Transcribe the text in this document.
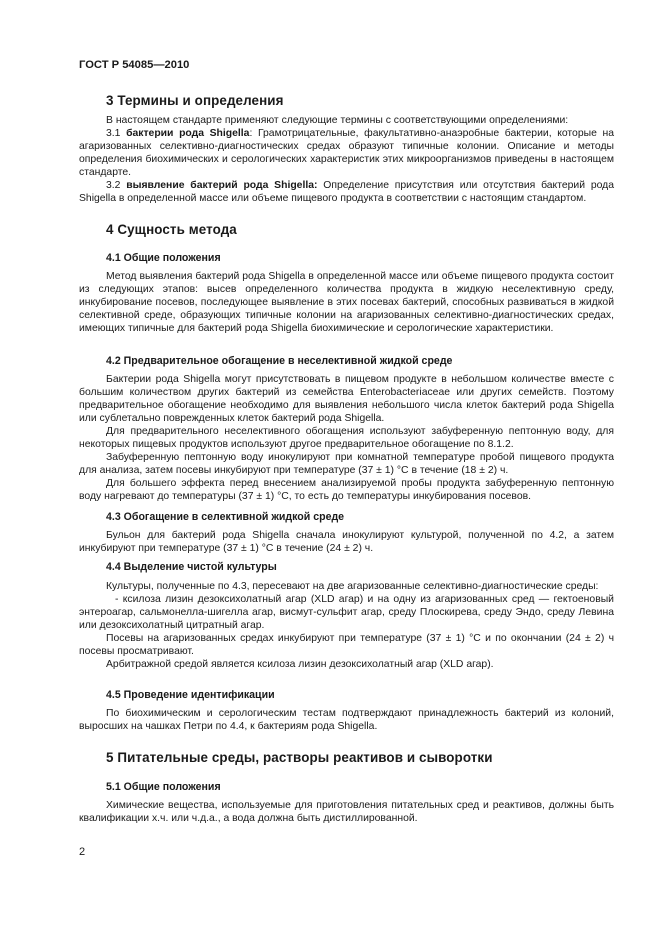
ГОСТ Р 54085—2010
3 Термины и определения

В настоящем стандарте применяют следующие термины с соответствующими определениями:

3.1 бактерии рода Shigella: Грамотрицательные, факультативно-анаэробные бактерии, которые на агаризованных селективно-диагностических средах образуют типичные колонии. Описание и методы определения биохимических и серологических характеристик этих микроорганизмов приведены в настоящем стандарте.

3.2 выявление бактерий рода Shigella: Определение присутствия или отсутствия бактерий рода Shigella в определенной массе или объеме пищевого продукта в соответствии с настоящим стандартом.

4 Сущность метода
4.1 Общие положения

Метод выявления бактерий рода Shigella в определенной массе или объеме пищевого продукта состоит из следующих этапов: высев определенного количества продукта в жидкую неселективную среду, инкубирование посевов, последующее выявление в этих посевах бактерий, способных развиваться в жидкой селективной среде, образующих типичные колонии на агаризованных селективно-диагностических средах, имеющих типичные для бактерий рода Shigella биохимические и серологические характеристики.

4.2 Предварительное обогащение в неселективной жидкой среде

Бактерии рода Shigella могут присутствовать в пищевом продукте в небольшом количестве вместе с большим количеством других бактерий из семейства Enterobacteriaceae или других семейств. Поэтому предварительное обогащение необходимо для выявления небольшого числа клеток бактерий рода Shigella или сублетально поврежденных клеток бактерий рода Shigella.

Для предварительного неселективного обогащения используют забуференную пептонную воду, для некоторых пищевых продуктов используют другое предварительное обогащение по 8.1.2.

Забуференную пептонную воду инокулируют при комнатной температуре пробой пищевого продукта для анализа, затем посевы инкубируют при температуре (37 ± 1) °С в течение (18 ± 2) ч.

Для большего эффекта перед внесением анализируемой пробы продукта забуференную пептонную воду нагревают до температуры (37 ± 1) °С, то есть до температуры инкубирования посевов.

4.3 Обогащение в селективной жидкой среде

Бульон для бактерий рода Shigella сначала инокулируют культурой, полученной по 4.2, а затем инкубируют при температуре (37 ± 1) °С в течение (24 ± 2) ч.

4.4 Выделение чистой культуры

Культуры, полученные по 4.3, пересевают на две агаризованные селективно-диагностические среды:

- ксилоза лизин дезоксихолатный агар (XLD агар) и на одну из агаризованных сред — гектоеновый энтероагар, сальмонелла-шигелла агар, висмут-сульфит агар, среду Плоскирева, среду Эндо, среду Левина или дезоксихолатный цитратный агар.

Посевы на агаризованных средах инкубируют при температуре (37 ± 1) °С и по окончании (24 ± 2) ч посевы просматривают.

Арбитражной средой является ксилоза лизин дезоксихолатный агар (XLD агар).

4.5 Проведение идентификации

По биохимическим и серологическим тестам подтверждают принадлежность бактерий из колоний, выросших на чашках Петри по 4.4, к бактериям рода Shigella.

5 Питательные среды, растворы реактивов и сыворотки
5.1 Общие положения

Химические вещества, используемые для приготовления питательных сред и реактивов, должны быть квалификации х.ч. или ч.д.а., а вода должна быть дистиллированной.

2
